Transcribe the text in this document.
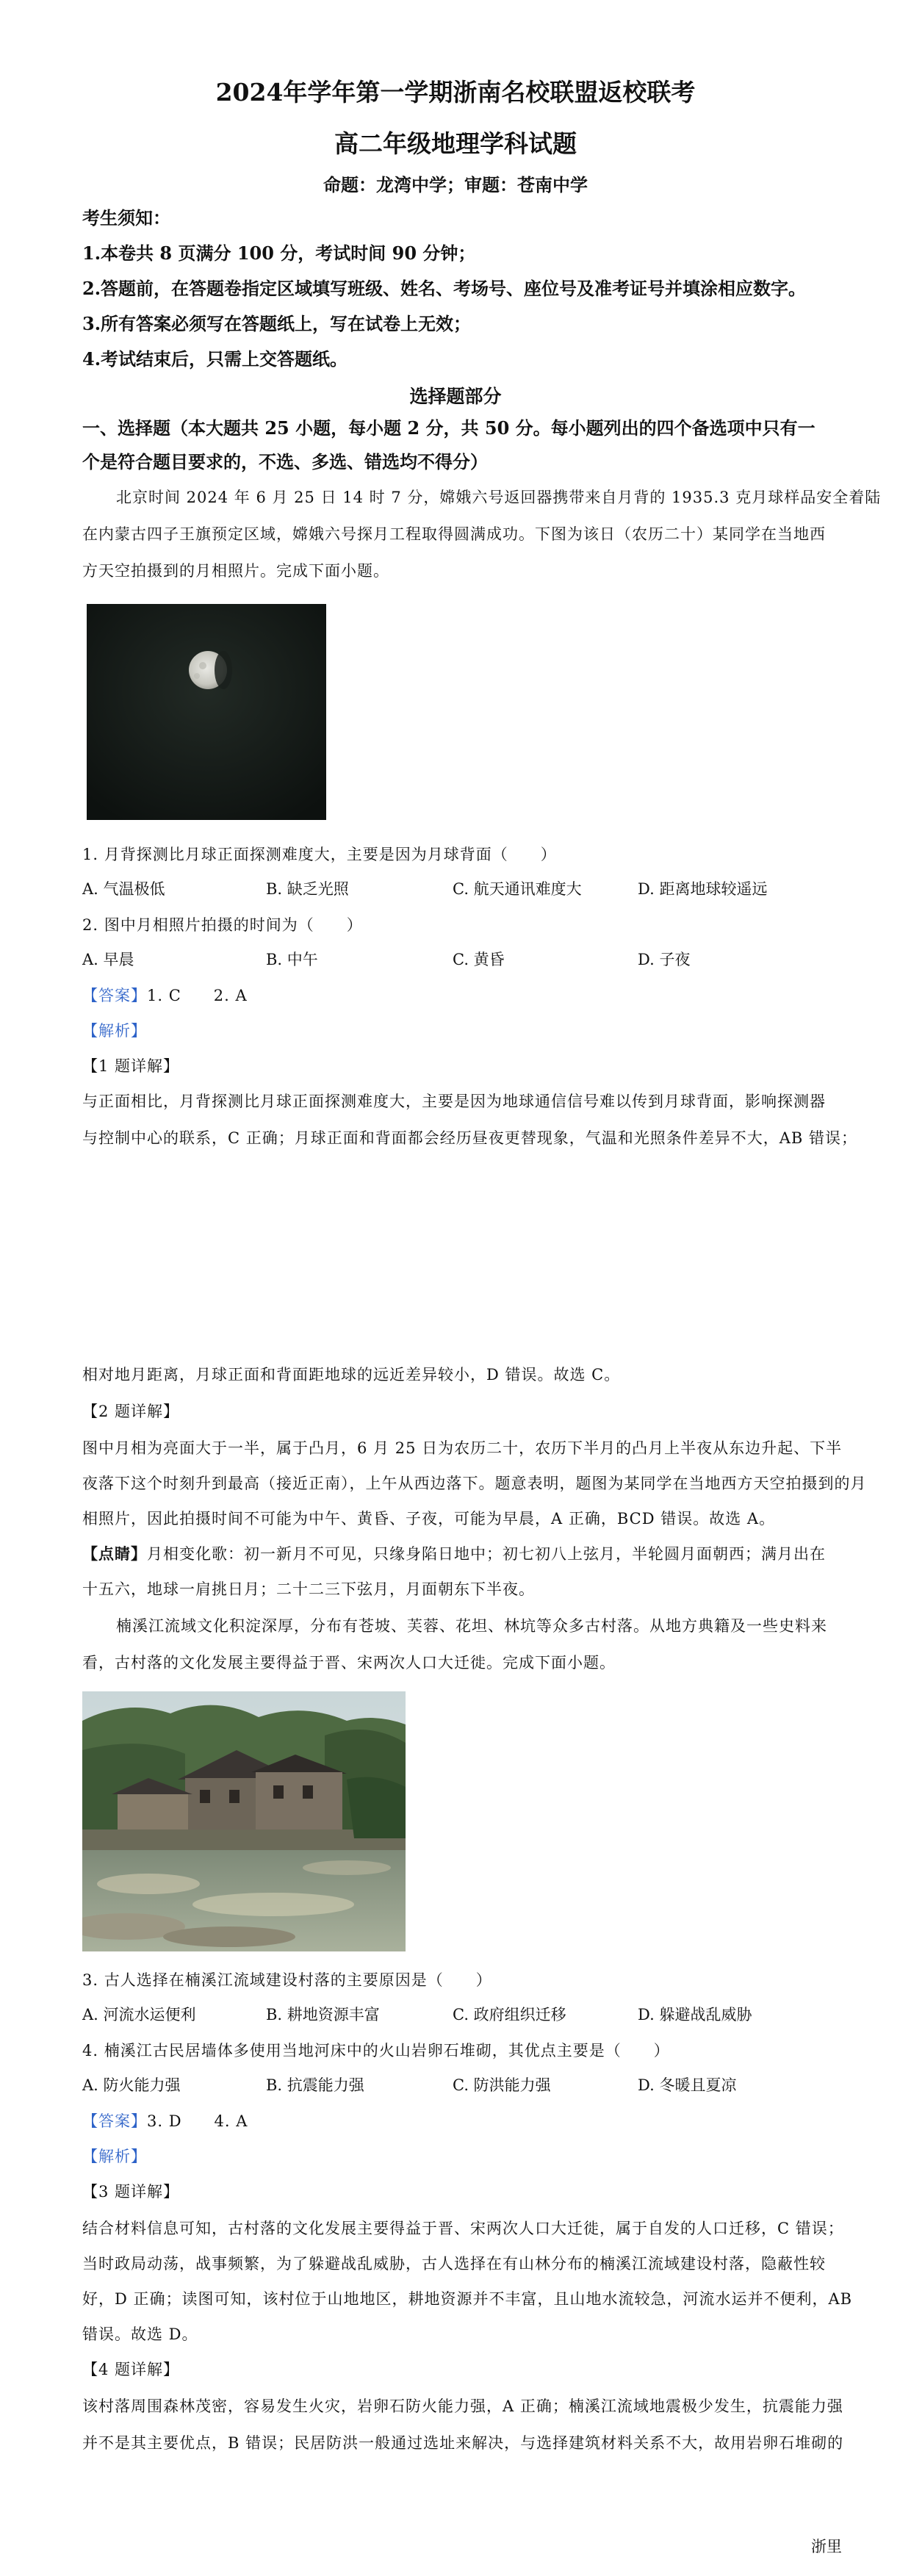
2024年学年第一学期浙南名校联盟返校联考
高二年级地理学科试题
命题：龙湾中学；审题：苍南中学
考生须知：
1.本卷共 8 页满分 100 分，考试时间 90 分钟；
2.答题前，在答题卷指定区域填写班级、姓名、考场号、座位号及准考证号并填涂相应数字。
3.所有答案必须写在答题纸上，写在试卷上无效；
4.考试结束后，只需上交答题纸。
选择题部分
一、选择题（本大题共 25 小题，每小题 2 分，共 50 分。每小题列出的四个备选项中只有一
个是符合题目要求的，不选、多选、错选均不得分）
北京时间 2024 年 6 月 25 日 14 时 7 分，嫦娥六号返回器携带来自月背的 1935.3 克月球样品安全着陆
在内蒙古四子王旗预定区域，嫦娥六号探月工程取得圆满成功。下图为该日（农历二十）某同学在当地西
方天空拍摄到的月相照片。完成下面小题。
1. 月背探测比月球正面探测难度大，主要是因为月球背面（　　）
A. 气温极低	B. 缺乏光照	C. 航天通讯难度大	D. 距离地球较遥远
2. 图中月相照片拍摄的时间为（　　）
A. 早晨	B. 中午	C. 黄昏	D. 子夜
【答案】1. C　　2. A
【解析】
【1 题详解】
与正面相比，月背探测比月球正面探测难度大，主要是因为地球通信信号难以传到月球背面，影响探测器
与控制中心的联系，C 正确；月球正面和背面都会经历昼夜更替现象，气温和光照条件差异不大，AB 错误；
相对地月距离，月球正面和背面距地球的远近差异较小，D 错误。故选 C。
【2 题详解】
图中月相为亮面大于一半，属于凸月，6 月 25 日为农历二十，农历下半月的凸月上半夜从东边升起、下半
夜落下这个时刻升到最高（接近正南），上午从西边落下。题意表明，题图为某同学在当地西方天空拍摄到的月
相照片，因此拍摄时间不可能为中午、黄昏、子夜，可能为早晨，A 正确，BCD 错误。故选 A。
【点睛】月相变化歌：初一新月不可见，只缘身陷日地中；初七初八上弦月，半轮圆月面朝西；满月出在
十五六，地球一肩挑日月；二十二三下弦月，月面朝东下半夜。
楠溪江流域文化积淀深厚，分布有苍坡、芙蓉、花坦、林坑等众多古村落。从地方典籍及一些史料来
看，古村落的文化发展主要得益于晋、宋两次人口大迁徙。完成下面小题。
3. 古人选择在楠溪江流域建设村落的主要原因是（　　）
A. 河流水运便利	B. 耕地资源丰富	C. 政府组织迁移	D. 躲避战乱威胁
4. 楠溪江古民居墙体多使用当地河床中的火山岩卵石堆砌，其优点主要是（　　）
A. 防火能力强	B. 抗震能力强	C. 防洪能力强	D. 冬暖且夏凉
【答案】3. D　　4. A
【解析】
【3 题详解】
结合材料信息可知，古村落的文化发展主要得益于晋、宋两次人口大迁徙，属于自发的人口迁移，C 错误；
当时政局动荡，战事频繁，为了躲避战乱威胁，古人选择在有山林分布的楠溪江流域建设村落，隐蔽性较
好，D 正确；读图可知，该村位于山地地区，耕地资源并不丰富，且山地水流较急，河流水运并不便利，AB
错误。故选 D。
【4 题详解】
该村落周围森林茂密，容易发生火灾，岩卵石防火能力强，A 正确；楠溪江流域地震极少发生，抗震能力强
并不是其主要优点，B 错误；民居防洪一般通过选址来解决，与选择建筑材料关系不大，故用岩卵石堆砌的
浙里
